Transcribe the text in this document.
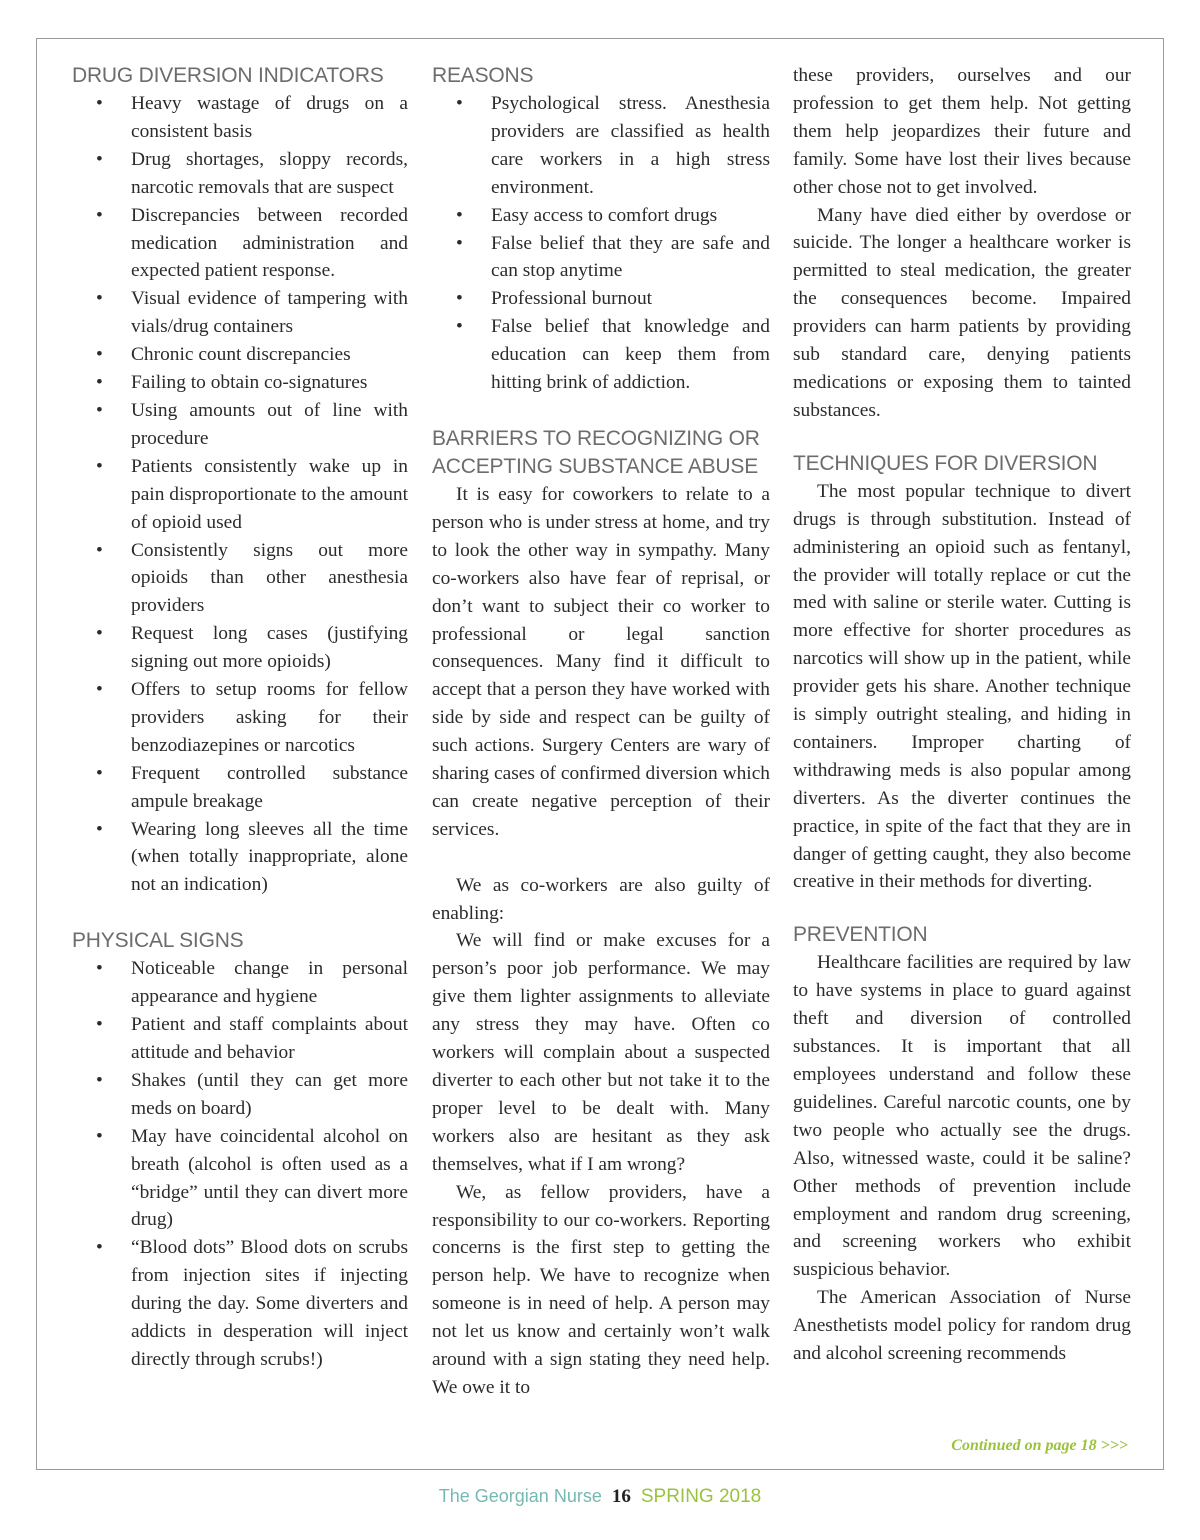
DRUG DIVERSION INDICATORS
• Heavy wastage of drugs on a consistent basis
• Drug shortages, sloppy records, narcotic removals that are suspect
• Discrepancies between recorded medication administration and expected patient response.
• Visual evidence of tampering with vials/drug containers
• Chronic count discrepancies
• Failing to obtain co-signatures
• Using amounts out of line with procedure
• Patients consistently wake up in pain disproportionate to the amount of opioid used
• Consistently signs out more opioids than other anesthesia providers
• Request long cases (justifying signing out more opioids)
• Offers to setup rooms for fellow providers asking for their benzodiazepines or narcotics
• Frequent controlled substance ampule breakage
• Wearing long sleeves all the time (when totally inappropriate, alone not an indication)
PHYSICAL SIGNS
• Noticeable change in personal appearance and hygiene
• Patient and staff complaints about attitude and behavior
• Shakes (until they can get more meds on board)
• May have coincidental alcohol on breath (alcohol is often used as a “bridge” until they can divert more drug)
• “Blood dots” Blood dots on scrubs from injection sites if injecting during the day. Some diverters and addicts in desperation will inject directly through scrubs!)
REASONS
• Psychological stress. Anesthesia providers are classified as health care workers in a high stress environment.
• Easy access to comfort drugs
• False belief that they are safe and can stop anytime
• Professional burnout
• False belief that knowledge and education can keep them from hitting brink of addiction.
BARRIERS TO RECOGNIZING OR ACCEPTING SUBSTANCE ABUSE

It is easy for coworkers to relate to a person who is under stress at home, and try to look the other way in sympathy. Many co-workers also have fear of reprisal, or don’t want to subject their co worker to professional or legal sanction consequences. Many find it difficult to accept that a person they have worked with side by side and respect can be guilty of such actions. Surgery Centers are wary of sharing cases of confirmed diversion which can create negative perception of their services.

We as co-workers are also guilty of enabling:

We will find or make excuses for a person’s poor job performance. We may give them lighter assignments to alleviate any stress they may have. Often co workers will complain about a suspected diverter to each other but not take it to the proper level to be dealt with. Many workers also are hesitant as they ask themselves, what if I am wrong?

We, as fellow providers, have a responsibility to our co-workers. Reporting concerns is the first step to getting the person help. We have to recognize when someone is in need of help. A person may not let us know and certainly won’t walk around with a sign stating they need help. We owe it to

these providers, ourselves and our profession to get them help. Not getting them help jeopardizes their future and family. Some have lost their lives because other chose not to get involved.

Many have died either by overdose or suicide. The longer a healthcare worker is permitted to steal medication, the greater the consequences become. Impaired providers can harm patients by providing sub standard care, denying patients medications or exposing them to tainted substances.

TECHNIQUES FOR DIVERSION

The most popular technique to divert drugs is through substitution. Instead of administering an opioid such as fentanyl, the provider will totally replace or cut the med with saline or sterile water. Cutting is more effective for shorter procedures as narcotics will show up in the patient, while provider gets his share. Another technique is simply outright stealing, and hiding in containers. Improper charting of withdrawing meds is also popular among diverters. As the diverter continues the practice, in spite of the fact that they are in danger of getting caught, they also become creative in their methods for diverting.

PREVENTION

Healthcare facilities are required by law to have systems in place to guard against theft and diversion of controlled substances. It is important that all employees understand and follow these guidelines. Careful narcotic counts, one by two people who actually see the drugs. Also, witnessed waste, could it be saline? Other methods of prevention include employment and random drug screening, and screening workers who exhibit suspicious behavior.

The American Association of Nurse Anesthetists model policy for random drug and alcohol screening recommends

Continued on page 18 >>>
The Georgian Nurse 16 SPRING 2018
